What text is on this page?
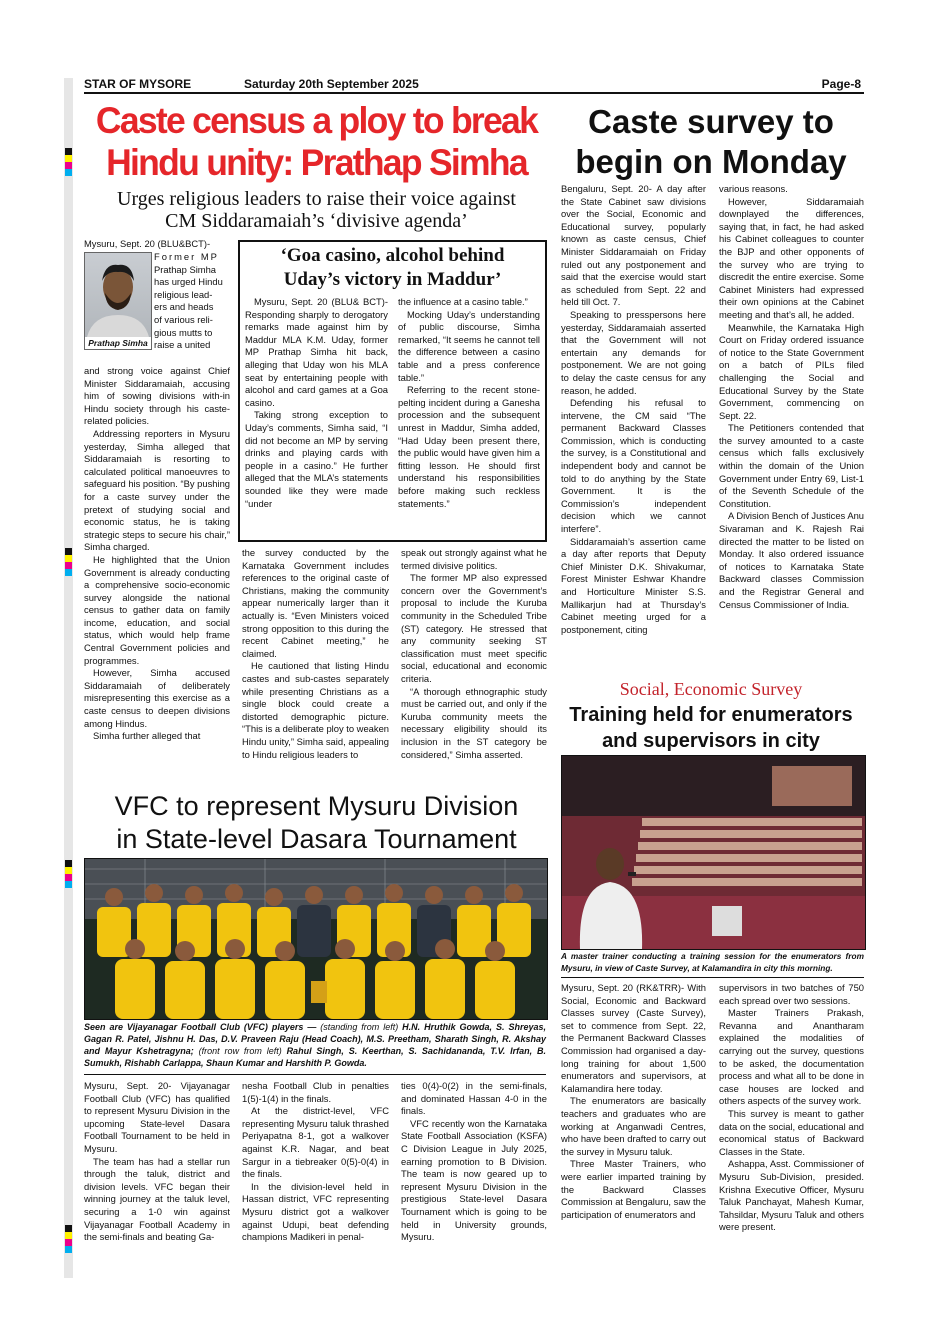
STAR OF MYSORE	Saturday 20th September 2025	Page-8
Caste census a ploy to break
Hindu unity: Prathap Simha
Urges religious leaders to raise their voice against
CM Siddaramaiah’s ‘divisive agenda’
Prathap Simha
Mysuru, Sept. 20 (BLU&BCT)-
Former MP
Prathap Simha
has urged Hindu
religious lead-
ers and heads
of various reli-
gious mutts to
raise a united

and strong voice against Chief Minister Siddaramaiah, accusing him of sowing divisions with-in Hindu society through his caste-related policies.

Addressing reporters in Mysuru yesterday, Simha alleged that Siddaramaiah is resorting to calculated political manoeuvres to safeguard his position. “By pushing for a caste survey under the pretext of studying social and economic status, he is taking strategic steps to secure his chair,” Simha charged.

He highlighted that the Union Government is already conducting a comprehensive socio-economic survey alongside the national census to gather data on family income, education, and social status, which would help frame Central Government policies and programmes.

However, Simha accused Siddaramaiah of deliberately misrepresenting this exercise as a caste census to deepen divisions among Hindus.

Simha further alleged that

‘Goa casino, alcohol behind
Uday’s victory in Maddur’

Mysuru, Sept. 20 (BLU& BCT)- Responding sharply to derogatory remarks made against him by Maddur MLA K.M. Uday, former MP Prathap Simha hit back, alleging that Uday won his MLA seat by entertaining people with alcohol and card games at a Goa casino.

Taking strong exception to Uday’s comments, Simha said, “I did not become an MP by serving drinks and playing cards with people in a casino.” He further alleged that the MLA’s statements sounded like they were made “under

the influence at a casino table.”

Mocking Uday’s understanding of public discourse, Simha remarked, “It seems he cannot tell the difference between a casino table and a press conference table.”

Referring to the recent stone-pelting incident during a Ganesha procession and the subsequent unrest in Maddur, Simha added, “Had Uday been present there, the public would have given him a fitting lesson. He should first understand his responsibilities before making such reckless statements.”

the survey conducted by the Karnataka Government includes references to the original caste of Christians, making the community appear numerically larger than it actually is. “Even Ministers voiced strong opposition to this during the recent Cabinet meeting,” he claimed.

He cautioned that listing Hindu castes and sub-castes separately while presenting Christians as a single block could create a distorted demographic picture. “This is a deliberate ploy to weaken Hindu unity,” Simha said, appealing to Hindu religious leaders to

speak out strongly against what he termed divisive politics.

The former MP also expressed concern over the Government’s proposal to include the Kuruba community in the Scheduled Tribe (ST) category. He stressed that any community seeking ST classification must meet specific social, educational and economic criteria.

“A thorough ethnographic study must be carried out, and only if the Kuruba community meets the necessary eligibility should its inclusion in the ST category be considered,” Simha asserted.

Caste survey to
begin on Monday

Bengaluru, Sept. 20- A day after the State Cabinet saw divisions over the Social, Economic and Educational survey, popularly known as caste census, Chief Minister Siddaramaiah on Friday ruled out any postponement and said that the exercise would start as scheduled from Sept. 22 and held till Oct. 7.

Speaking to presspersons here yesterday, Siddaramaiah asserted that the Government will not entertain any demands for postponement. We are not going to delay the caste census for any reason, he added.

Defending his refusal to intervene, the CM said “The permanent Backward Classes Commission, which is conducting the survey, is a Constitutional and independent body and cannot be told to do anything by the State Government. It is the Commission’s independent decision which we cannot interfere”.

Siddaramaiah’s assertion came a day after reports that Deputy Chief Minister D.K. Shivakumar, Forest Minister Eshwar Khandre and Horticulture Minister S.S. Mallikarjun had at Thursday’s Cabinet meeting urged for a postponement, citing

various reasons.

However, Siddaramaiah downplayed the differences, saying that, in fact, he had asked his Cabinet colleagues to counter the BJP and other opponents of the survey who are trying to discredit the entire exercise. Some Cabinet Ministers had expressed their own opinions at the Cabinet meeting and that’s all, he added.

Meanwhile, the Karnataka High Court on Friday ordered issuance of notice to the State Government on a batch of PILs filed challenging the Social and Educational Survey by the State Government, commencing on Sept. 22.

The Petitioners contended that the survey amounted to a caste census which falls exclusively within the domain of the Union Government under Entry 69, List-1 of the Seventh Schedule of the Constitution.

A Division Bench of Justices Anu Sivaraman and K. Rajesh Rai directed the matter to be listed on Monday. It also ordered issuance of notices to Karnataka State Backward classes Commission and the Registrar General and Census Commissioner of India.

Social, Economic Survey
Training held for enumerators
and supervisors in city
A master trainer conducting a training session for the enumerators from Mysuru, in view of Caste Survey, at Kalamandira in city this morning.

Mysuru, Sept. 20 (RK&TRR)- With Social, Economic and Backward Classes survey (Caste Survey), set to commence from Sept. 22, the Permanent Backward Classes Commission had organised a day-long training for about 1,500 enumerators and supervisors, at Kalamandira here today.

The enumerators are basically teachers and graduates who are working at Anganwadi Centres, who have been drafted to carry out the survey in Mysuru taluk.

Three Master Trainers, who were earlier imparted training by the Backward Classes Commission at Bengaluru, saw the participation of enumerators and

supervisors in two batches of 750 each spread over two sessions.

Master Trainers Prakash, Revanna and Anantharam explained the modalities of carrying out the survey, questions to be asked, the documentation process and what all to be done in case houses are locked and others aspects of the survey work.

This survey is meant to gather data on the social, educational and economical status of Backward Classes in the State.

Ashappa, Asst. Commissioner of Mysuru Sub-Division, presided. Krishna Executive Officer, Mysuru Taluk Panchayat, Mahesh Kumar, Tahsildar, Mysuru Taluk and others were present.

VFC to represent Mysuru Division
in State-level Dasara Tournament
Seen are Vijayanagar Football Club (VFC) players — (standing from left) H.N. Hruthik Gowda, S. Shreyas, Gagan R. Patel, Jishnu H. Das, D.V. Praveen Raju (Head Coach), M.S. Preetham, Sharath Singh, R. Akshay and Mayur Kshetragyna; (front row from left) Rahul Singh, S. Keerthan, S. Sachidananda, T.V. Irfan, B. Sumukh, Rishabh Carlappa, Shaun Kumar and Harshith P. Gowda.

Mysuru, Sept. 20- Vijayanagar Football Club (VFC) has qualified to represent Mysuru Division in the upcoming State-level Dasara Football Tournament to be held in Mysuru.

The team has had a stellar run through the taluk, district and division levels. VFC began their winning journey at the taluk level, securing a 1-0 win against Vijayanagar Football Academy in the semi-finals and beating Ga-

nesha Football Club in penalties 1(5)-1(4) in the finals.

At the district-level, VFC representing Mysuru taluk thrashed Periyapatna 8-1, got a walkover against K.R. Nagar, and beat Sargur in a tiebreaker 0(5)-0(4) in the finals.

In the division-level held in Hassan district, VFC representing Mysuru district got a walkover against Udupi, beat defending champions Madikeri in penal-

ties 0(4)-0(2) in the semi-finals, and dominated Hassan 4-0 in the finals.

VFC recently won the Karnataka State Football Association (KSFA) C Division League in July 2025, earning promotion to B Division. The team is now geared up to represent Mysuru Division in the prestigious State-level Dasara Tournament which is going to be held in University grounds, Mysuru.
